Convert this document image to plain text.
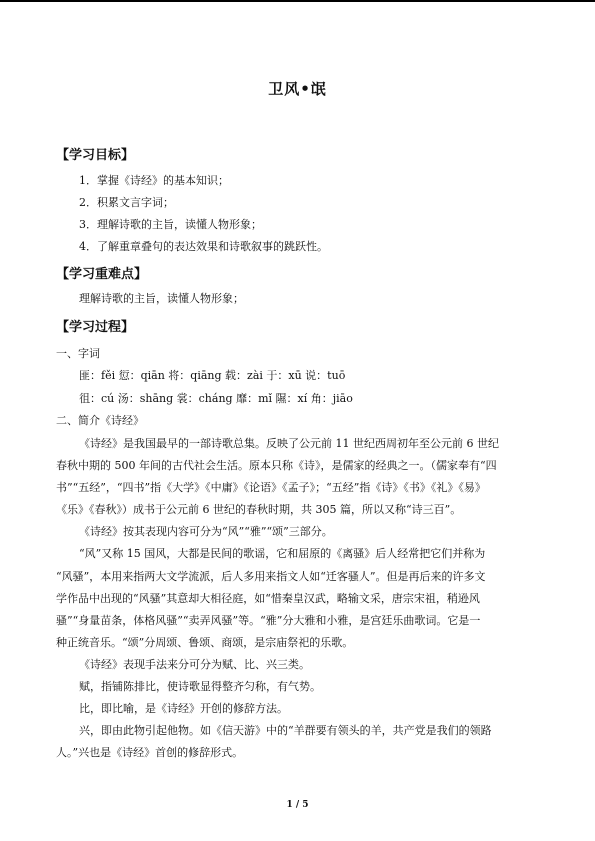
卫风•氓
【学习目标】
1．掌握《诗经》的基本知识；
2．积累文言字词；
3．理解诗歌的主旨，读懂人物形象；
4．了解重章叠句的表达效果和诗歌叙事的跳跃性。
【学习重难点】
理解诗歌的主旨，读懂人物形象；
【学习过程】
一、字词
匪：fěi 愆：qiān 将：qiāng 载：zài 于：xū 说：tuō
徂：cú 汤：shāng 裳：cháng 靡：mǐ 隰：xí 角：jiāo
二、简介《诗经》
《诗经》是我国最早的一部诗歌总集。反映了公元前 11 世纪西周初年至公元前 6 世纪
春秋中期的 500 年间的古代社会生活。原本只称《诗》，是儒家的经典之一。（儒家奉有“四
书”“五经”，“四书”指《大学》《中庸》《论语》《孟子》；“五经”指《诗》《书》《礼》《易》
《乐》《春秋》）成书于公元前 6 世纪的春秋时期，共 305 篇，所以又称“诗三百”。
《诗经》按其表现内容可分为“风”“雅”“颂”三部分。
“风”又称 15 国风，大都是民间的歌谣，它和屈原的《离骚》后人经常把它们并称为
“风骚”，本用来指两大文学流派，后人多用来指文人如“迁客骚人”。但是再后来的许多文
学作品中出现的“风骚”其意却大相径庭，如“惜秦皇汉武，略输文采，唐宗宋祖，稍逊风
骚”“身量苗条，体格风骚”“卖弄风骚”等。“雅”分大雅和小雅，是宫廷乐曲歌词。它是一
种正统音乐。“颂”分周颂、鲁颂、商颂，是宗庙祭祀的乐歌。
《诗经》表现手法来分可分为赋、比、兴三类。
赋，指铺陈排比，使诗歌显得整齐匀称，有气势。
比，即比喻，是《诗经》开创的修辞方法。
兴，即由此物引起他物。如《信天游》中的“羊群要有领头的羊，共产党是我们的领路
人。”兴也是《诗经》首创的修辞形式。
1 / 5
